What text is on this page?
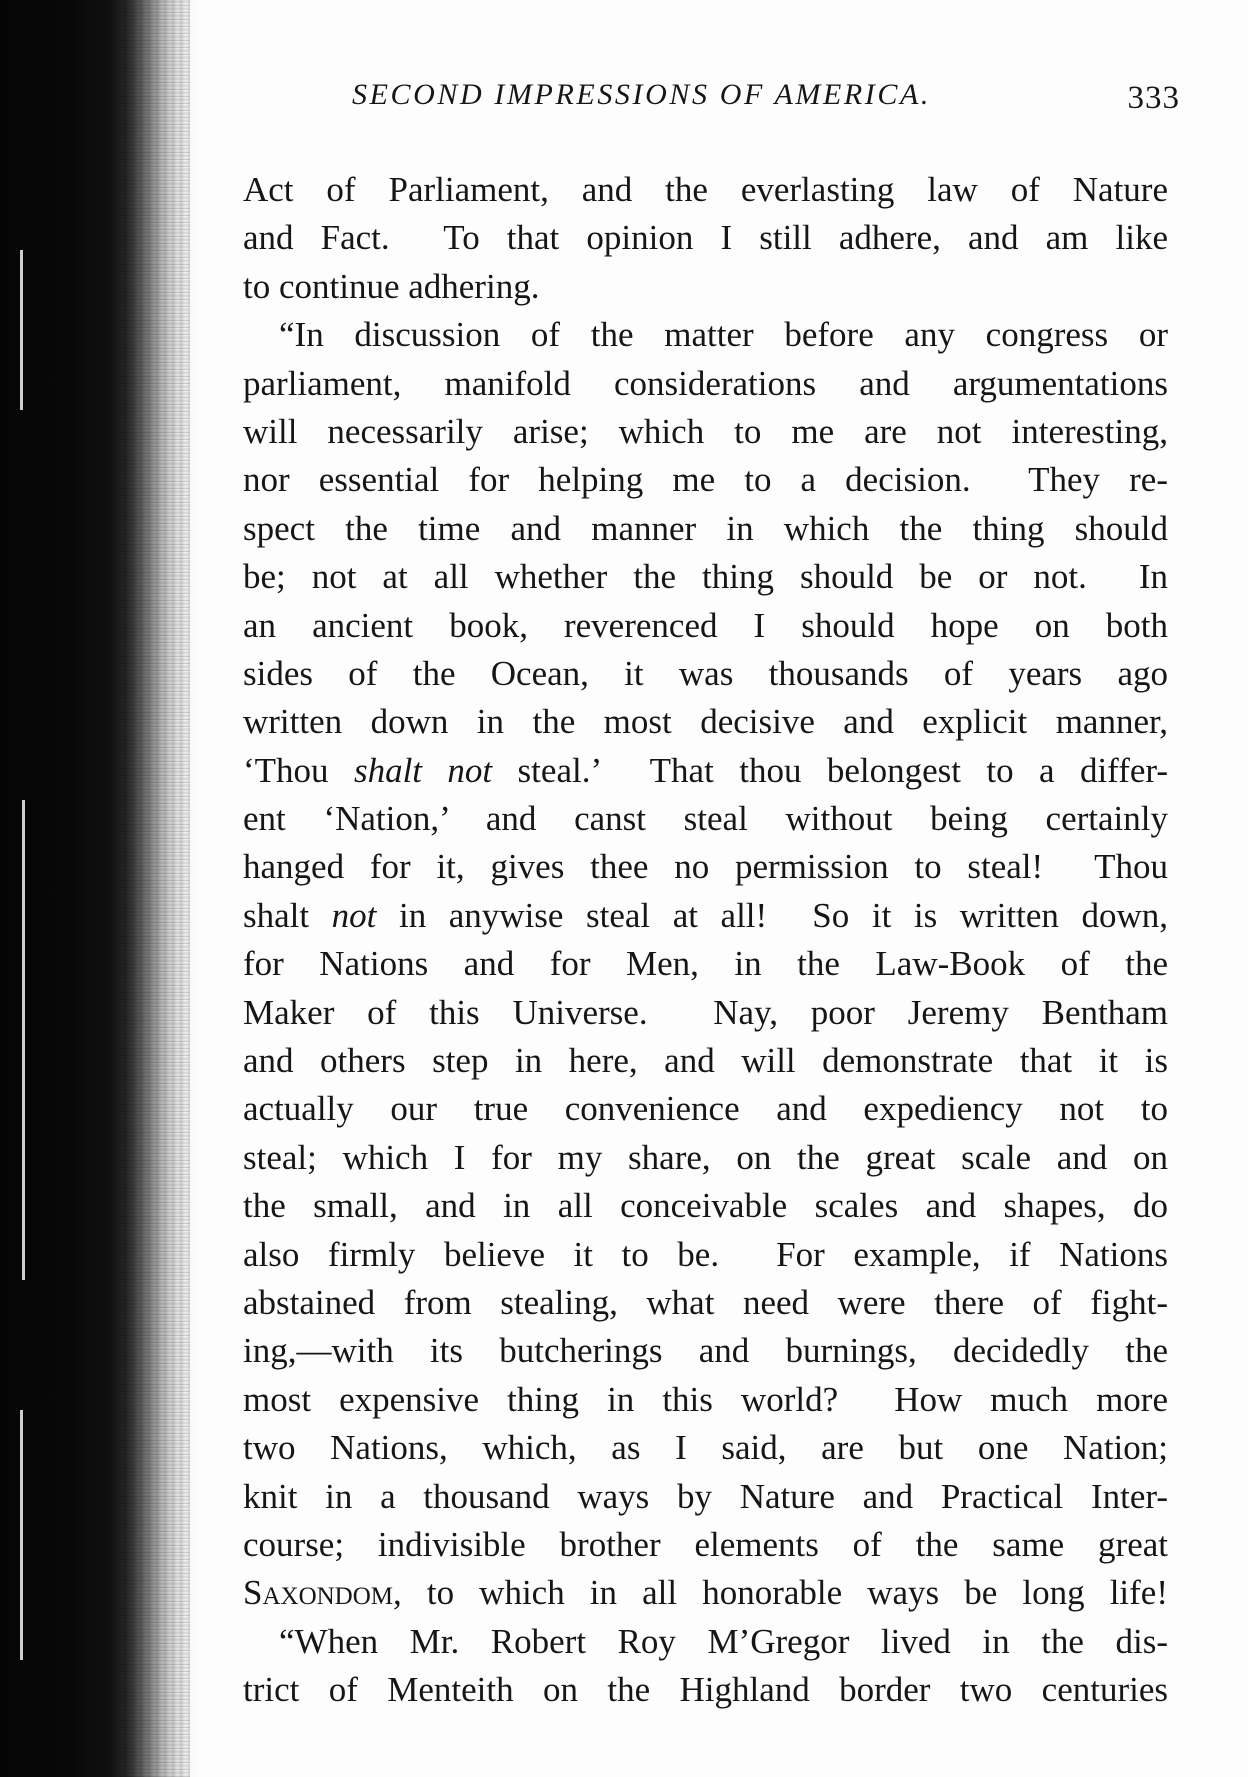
SECOND IMPRESSIONS OF AMERICA.	333
Act of Parliament, and the everlasting law of Nature
and Fact.  To that opinion I still adhere, and am like
to continue adhering.
“In discussion of the matter before any congress or
parliament, manifold considerations and argumentations
will necessarily arise; which to me are not interesting,
nor essential for helping me to a decision.  They re-
spect the time and manner in which the thing should
be; not at all whether the thing should be or not.  In
an ancient book, reverenced I should hope on both
sides of the Ocean, it was thousands of years ago
written down in the most decisive and explicit manner,
‘Thou shalt not steal.’  That thou belongest to a differ-
ent ‘Nation,’ and canst steal without being certainly
hanged for it, gives thee no permission to steal!  Thou
shalt not in anywise steal at all!  So it is written down,
for Nations and for Men, in the Law-Book of the
Maker of this Universe.  Nay, poor Jeremy Bentham
and others step in here, and will demonstrate that it is
actually our true convenience and expediency not to
steal; which I for my share, on the great scale and on
the small, and in all conceivable scales and shapes, do
also firmly believe it to be.  For example, if Nations
abstained from stealing, what need were there of fight-
ing,—with its butcherings and burnings, decidedly the
most expensive thing in this world?  How much more
two Nations, which, as I said, are but one Nation;
knit in a thousand ways by Nature and Practical Inter-
course; indivisible brother elements of the same great
Saxondom, to which in all honorable ways be long life!
“When Mr. Robert Roy M’Gregor lived in the dis-
trict of Menteith on the Highland border two centuries
